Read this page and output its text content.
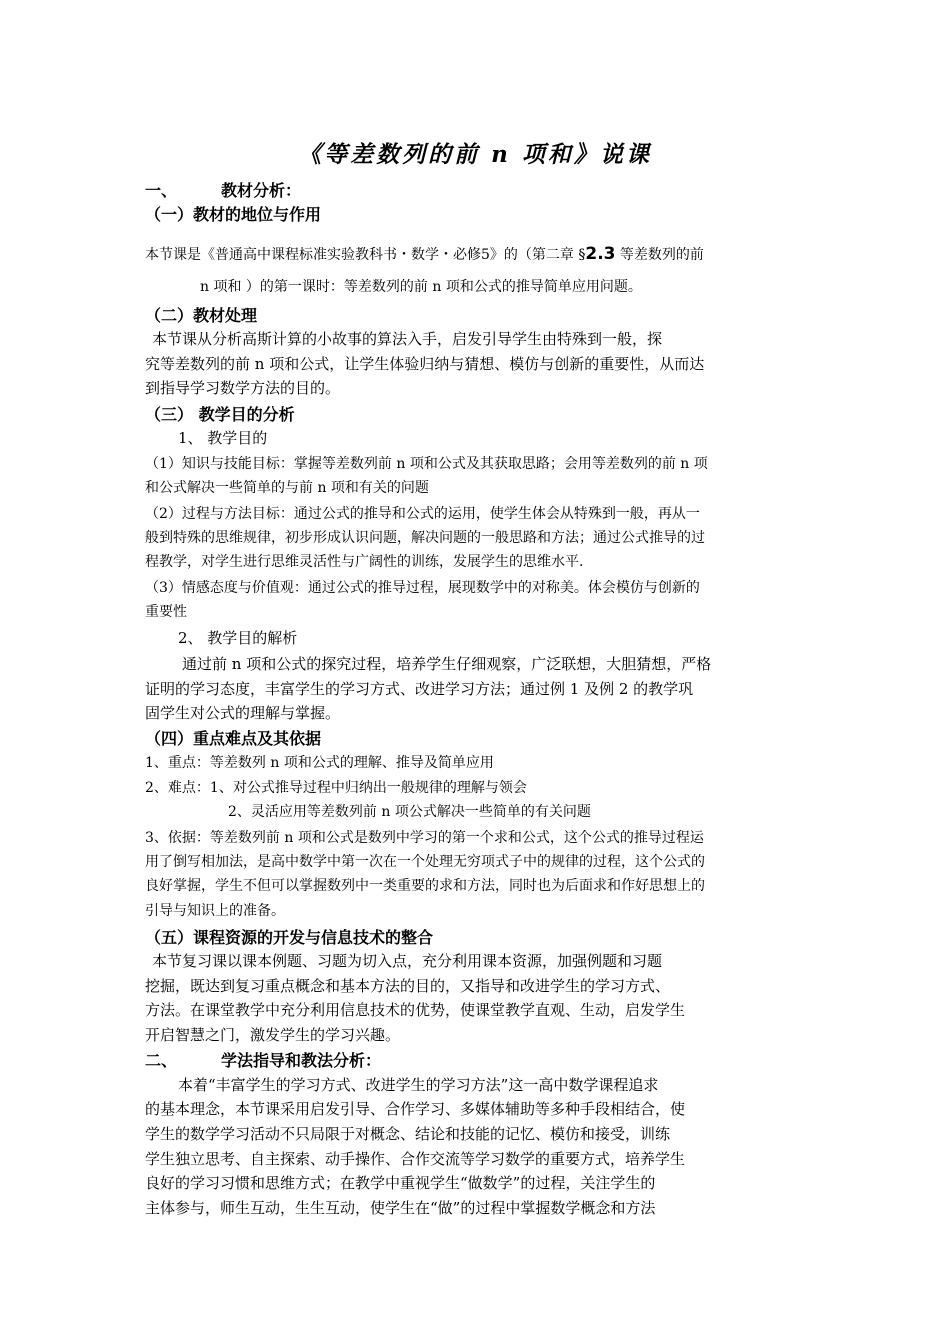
《等差数列的前 n 项和》说课
一、	教材分析：
（一）教材的地位与作用
本节课是《普通高中课程标准实验教科书・数学・必修5》的（第二章 §2.3 等差数列的前
n 项和 ）的第一课时：等差数列的前 n 项和公式的推导简单应用问题。
（二）教材处理
本节课从分析高斯计算的小故事的算法入手，启发引导学生由特殊到一般，探
究等差数列的前 n 项和公式，让学生体验归纳与猜想、模仿与创新的重要性，从而达
到指导学习数学方法的目的。
（三） 教学目的分析
1、 教学目的
（1）知识与技能目标：掌握等差数列前 n 项和公式及其获取思路；会用等差数列的前 n 项
和公式解决一些简单的与前 n 项和有关的问题
（2）过程与方法目标：通过公式的推导和公式的运用，使学生体会从特殊到一般，再从一
般到特殊的思维规律，初步形成认识问题，解决问题的一般思路和方法；通过公式推导的过
程教学，对学生进行思维灵活性与广阔性的训练，发展学生的思维水平.
（3）情感态度与价值观：通过公式的推导过程，展现数学中的对称美。体会模仿与创新的
重要性
2、 教学目的解析
通过前 n 项和公式的探究过程，培养学生仔细观察，广泛联想，大胆猜想，严格
证明的学习态度，丰富学生的学习方式、改进学习方法；通过例 1 及例 2 的教学巩
固学生对公式的理解与掌握。
（四）重点难点及其依据
1、重点：等差数列 n 项和公式的理解、推导及简单应用
2、难点：1、对公式推导过程中归纳出一般规律的理解与领会
2、灵活应用等差数列前 n 项公式解决一些简单的有关问题
3、依据：等差数列前 n 项和公式是数列中学习的第一个求和公式，这个公式的推导过程运
用了倒写相加法，是高中数学中第一次在一个处理无穷项式子中的规律的过程，这个公式的
良好掌握，学生不但可以掌握数列中一类重要的求和方法，同时也为后面求和作好思想上的
引导与知识上的准备。
（五）课程资源的开发与信息技术的整合
本节复习课以课本例题、习题为切入点，充分利用课本资源，加强例题和习题
挖掘，既达到复习重点概念和基本方法的目的，又指导和改进学生的学习方式、
方法。在课堂教学中充分利用信息技术的优势，使课堂教学直观、生动，启发学生
开启智慧之门，激发学生的学习兴趣。
二、	学法指导和教法分析：
本着“丰富学生的学习方式、改进学生的学习方法”这一高中数学课程追求
的基本理念，本节课采用启发引导、合作学习、多媒体辅助等多种手段相结合，使
学生的数学学习活动不只局限于对概念、结论和技能的记忆、模仿和接受，训练
学生独立思考、自主探索、动手操作、合作交流等学习数学的重要方式，培养学生
良好的学习习惯和思维方式；在教学中重视学生“做数学”的过程，关注学生的
主体参与，师生互动，生生互动，使学生在“做”的过程中掌握数学概念和方法
